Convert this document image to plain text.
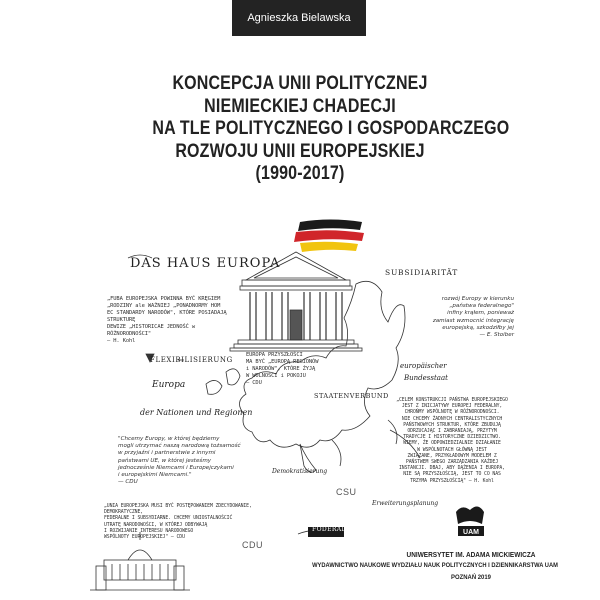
Agnieszka Bielawska
KONCEPCJA UNII POLITYCZNEJ
NIEMIECKIEJ CHADECJI
NA TLE POLITYCZNEGO I GOSPODARCZEGO
ROZWOJU UNII EUROPEJSKIEJ
(1990-2017)
UAM
DAS HAUS EUROPA
SUBSIDIARITÄT
FLEXIBILISIERUNG
Europa
der Nationen und Regionen
STAATENVERBUND
Demokratisierung
europäischer
Bundesstaat
CSU
CDU
FÖDERALISMUS
Erweiterungsplanung
„FUBA EUROPEJSKA POWINNA BYĆ KRĘGIEM
„RODZINY ale WAŻNIEJ „PONADNORMY HOM
EC STANDARDY NARODÓW", KTÓRE POSIADAJĄ STRUKTURĘ
DEWIZE „HISTORICAE JEDNOŚĆ w RÓŻNORODNOŚCI"
— H. Kohl
EUROPA PRZYSZŁOŚCI
MA BYĆ „EUROPĄ REGIONÓW
i NARODÓW", KTÓRE ŻYJĄ
W WOLNOŚCI i POKOJU
— CDU
rozwój Europy w kierunku
„państwa federalnego"
infiny krąłem, ponieważ
zamiast wzmocnić integrację
europejską, szkodziłby jej
— E. Stoiber
„CELEM KONSTRUKCJI PAŃSTWA EUROPEJSKIEGO
JEST Z INICJATYWY EUROPEJ FEDERALNY,
CHROŃMY WSPÓLNOTĘ W RÓŻNORODNOŚCI.
NIE CHCEMY ŻADNYCH CENTRALISTYCZNYCH
PAŃSTWOWYCH STRUKTUR, KTÓRE ZBUDUJĄ
ODRZUCAJĄC I ZABRANIAJĄ, PRZYTYM
TRADYCJE I HISTORYCZNE DZIEDZICTWO.
WIEMY, ŻE ODPOWIEDZIALNIE DZIAŁANIE
W WSPÓLNOTACH GŁÓWNĄ JEST
ZWIĄZANE, PRZYKŁADOWYM MODELEM Z
PAŃSTWEM SWEGO ZARZĄDZANIA KAŻDEJ
INSTANCJI. DBAJ, ABY DĄŻENIA I EUROPA,
NIE SĄ PRZYSZŁOŚCIĄ, JEST TO CO NAS
TRZYMA PRZYSZŁOŚCIĄ" — H. Kohl
"Chcemy Europy, w której będziemy
mogli utrzymać naszą narodową tożsamość
w przyjaźni i partnerstwie z innymi
państwami UE, w której jesteśmy
jednocześnie Niemcami i Europejczykami
i europejskimi Niemcami."
— CDU
„UNIA EUROPEJSKA MUSI BYĆ POSTĘPOWANIEM ZDECYDOWANIE, DEMOKRATYCZNE,
FEDERALNE I SUBSYDIARNE. CHCEMY UNIOSTALNOŚCIĆ
UTRATĘ NARODOWOŚCI, W KTÓREJ ODBYWAJĄ
I ROZWIJANIE INTERESU NARODOWEGO
WSPÓLNOTY EUROPEJSKIEJ" — CDU
UNIWERSYTET IM. ADAMA MICKIEWICZA
WYDAWNICTWO NAUKOWE WYDZIAŁU NAUK POLITYCZNYCH I DZIENNIKARSTWA UAM
POZNAŃ 2019
